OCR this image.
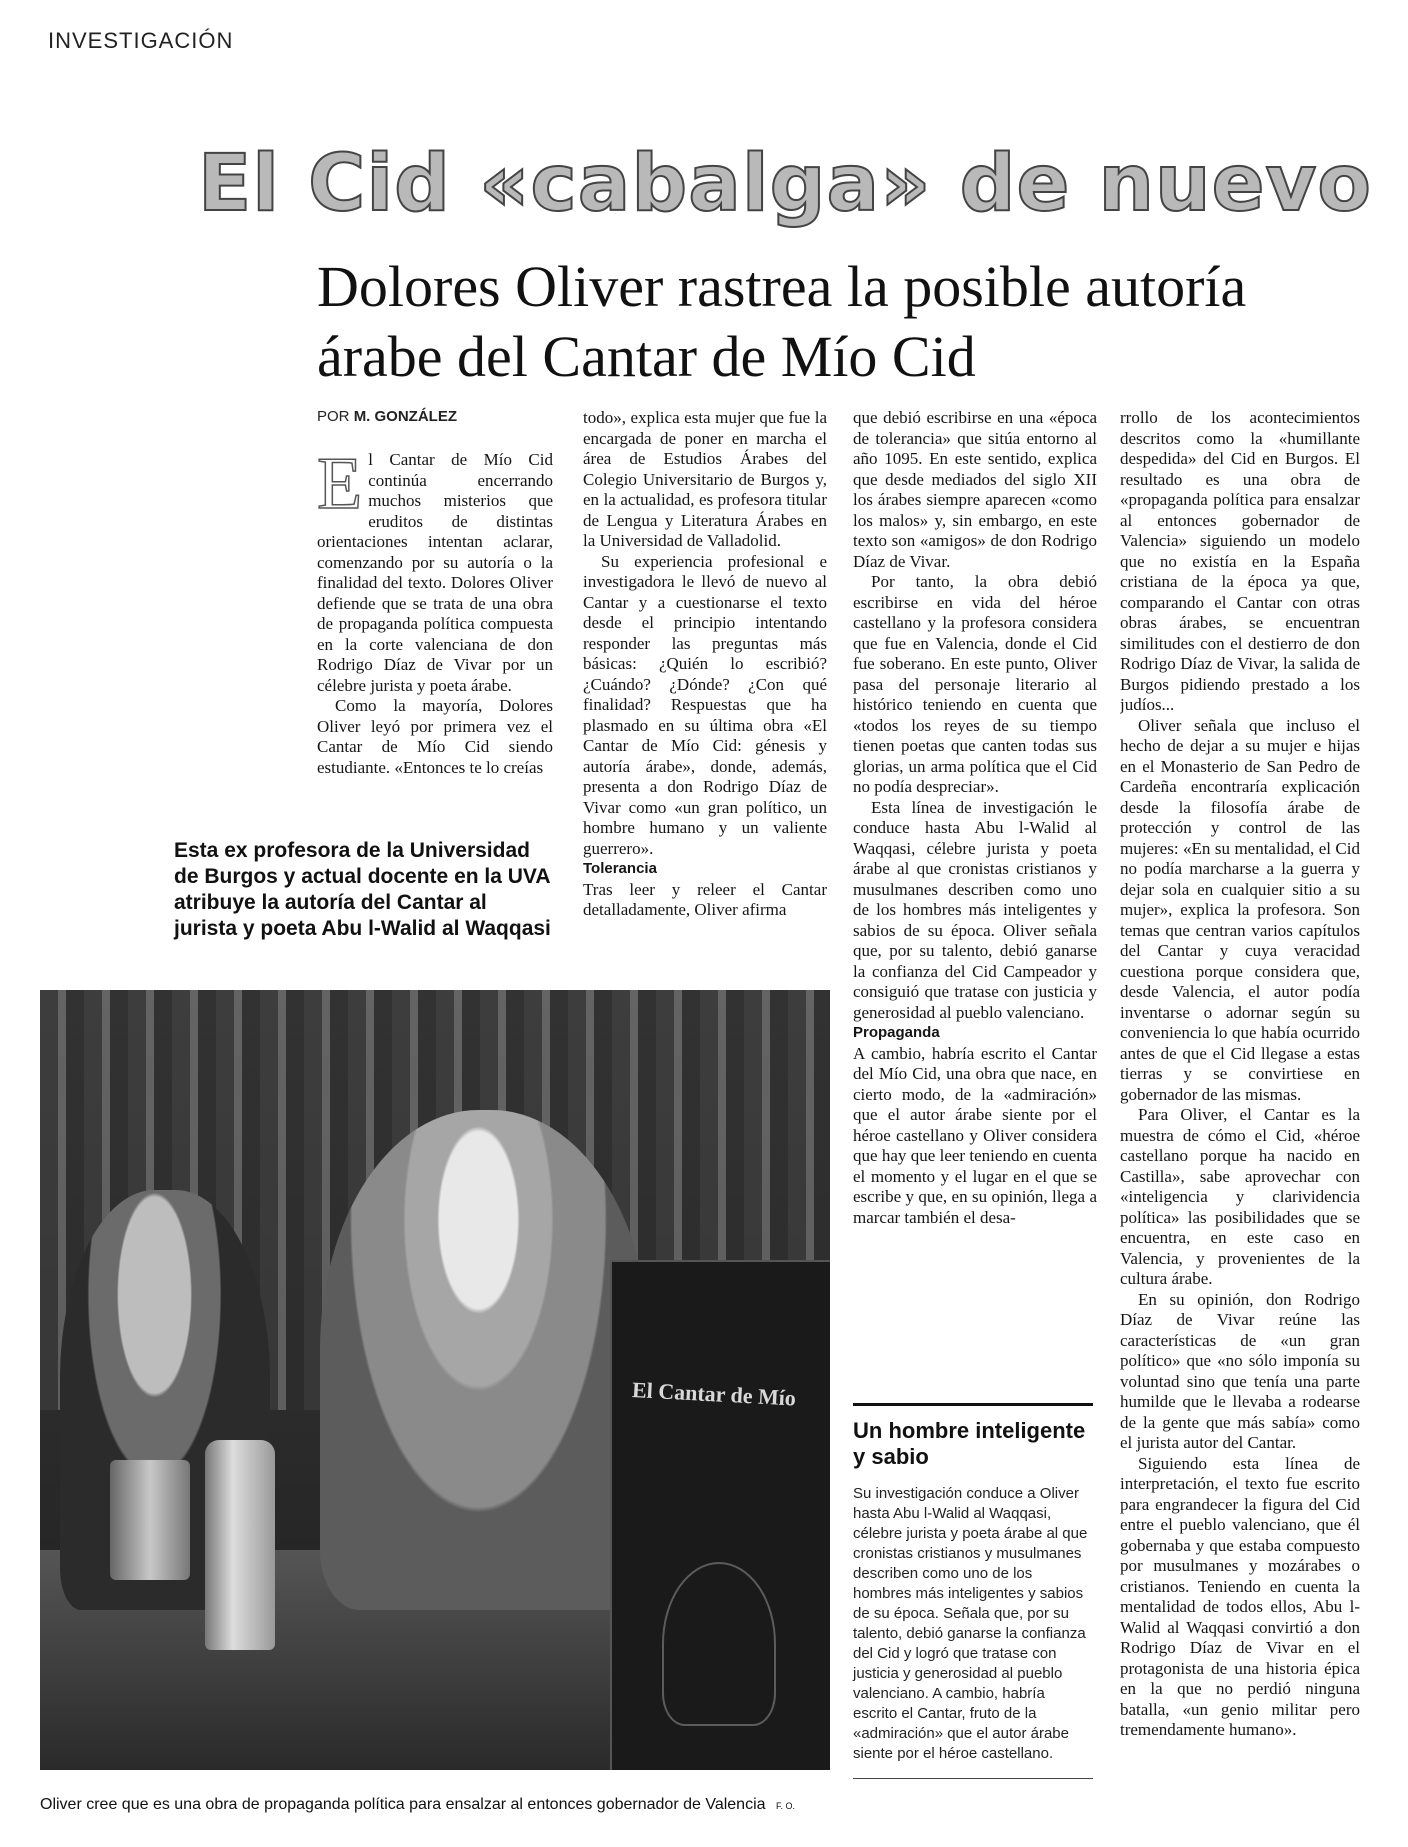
INVESTIGACIÓN
El Cid «cabalga» de nuevo
Dolores Oliver rastrea la posible autoría árabe del Cantar de Mío Cid
POR M. GONZÁLEZ
E l Cantar de Mío Cid continúa encerrando muchos misterios que eruditos de distintas orientaciones intentan aclarar, comenzando por su autoría o la finalidad del texto. Dolores Oliver defiende que se trata de una obra de propaganda política compuesta en la corte valenciana de don Rodrigo Díaz de Vivar por un célebre jurista y poeta árabe.

Como la mayoría, Dolores Oliver leyó por primera vez el Cantar de Mío Cid siendo estudiante. «Entonces te lo creías

Esta ex profesora de la Universidad de Burgos y actual docente en la UVA atribuye la autoría del Cantar al jurista y poeta Abu l-Walid al Waqqasi

todo», explica esta mujer que fue la encargada de poner en marcha el área de Estudios Árabes del Colegio Universitario de Burgos y, en la actualidad, es profesora titular de Lengua y Literatura Árabes en la Universidad de Valladolid.

Su experiencia profesional e investigadora le llevó de nuevo al Cantar y a cuestionarse el texto desde el principio intentando responder las preguntas más básicas: ¿Quién lo escribió? ¿Cuándo? ¿Dónde? ¿Con qué finalidad? Respuestas que ha plasmado en su última obra «El Cantar de Mío Cid: génesis y autoría árabe», donde, además, presenta a don Rodrigo Díaz de Vivar como «un gran político, un hombre humano y un valiente guerrero».

Tolerancia

Tras leer y releer el Cantar detalladamente, Oliver afirma

que debió escribirse en una «época de tolerancia» que sitúa entorno al año 1095. En este sentido, explica que desde mediados del siglo XII los árabes siempre aparecen «como los malos» y, sin embargo, en este texto son «amigos» de don Rodrigo Díaz de Vivar.

Por tanto, la obra debió escribirse en vida del héroe castellano y la profesora considera que fue en Valencia, donde el Cid fue soberano. En este punto, Oliver pasa del personaje literario al histórico teniendo en cuenta que «todos los reyes de su tiempo tienen poetas que canten todas sus glorias, un arma política que el Cid no podía despreciar».

Esta línea de investigación le conduce hasta Abu l-Walid al Waqqasi, célebre jurista y poeta árabe al que cronistas cristianos y musulmanes describen como uno de los hombres más inteligentes y sabios de su época. Oliver señala que, por su talento, debió ganarse la confianza del Cid Campeador y consiguió que tratase con justicia y generosidad al pueblo valenciano.

Propaganda

A cambio, habría escrito el Cantar del Mío Cid, una obra que nace, en cierto modo, de la «admiración» que el autor árabe siente por el héroe castellano y Oliver considera que hay que leer teniendo en cuenta el momento y el lugar en el que se escribe y que, en su opinión, llega a marcar también el desa-

rrollo de los acontecimientos descritos como la «humillante despedida» del Cid en Burgos. El resultado es una obra de «propaganda política para ensalzar al entonces gobernador de Valencia» siguiendo un modelo que no existía en la España cristiana de la época ya que, comparando el Cantar con otras obras árabes, se encuentran similitudes con el destierro de don Rodrigo Díaz de Vivar, la salida de Burgos pidiendo prestado a los judíos...

Oliver señala que incluso el hecho de dejar a su mujer e hijas en el Monasterio de San Pedro de Cardeña encontraría explicación desde la filosofía árabe de protección y control de las mujeres: «En su mentalidad, el Cid no podía marcharse a la guerra y dejar sola en cualquier sitio a su mujer», explica la profesora. Son temas que centran varios capítulos del Cantar y cuya veracidad cuestiona porque considera que, desde Valencia, el autor podía inventarse o adornar según su conveniencia lo que había ocurrido antes de que el Cid llegase a estas tierras y se convirtiese en gobernador de las mismas.

Para Oliver, el Cantar es la muestra de cómo el Cid, «héroe castellano porque ha nacido en Castilla», sabe aprovechar con «inteligencia y clarividencia política» las posibilidades que se encuentra, en este caso en Valencia, y provenientes de la cultura árabe.

En su opinión, don Rodrigo Díaz de Vivar reúne las características de «un gran político» que «no sólo imponía su voluntad sino que tenía una parte humilde que le llevaba a rodearse de la gente que más sabía» como el jurista autor del Cantar.

Siguiendo esta línea de interpretación, el texto fue escrito para engrandecer la figura del Cid entre el pueblo valenciano, que él gobernaba y que estaba compuesto por musulmanes y mozárabes o cristianos. Teniendo en cuenta la mentalidad de todos ellos, Abu l-Walid al Waqqasi convirtió a don Rodrigo Díaz de Vivar en el protagonista de una historia épica en la que no perdió ninguna batalla, «un genio militar pero tremendamente humano».

El Cantar de Mío
Oliver cree que es una obra de propaganda política para ensalzar al entonces gobernador de Valencia F. O.
Un hombre inteligente y sabio

Su investigación conduce a Oliver hasta Abu l-Walid al Waqqasi, célebre jurista y poeta árabe al que cronistas cristianos y musulmanes describen como uno de los hombres más inteligentes y sabios de su época. Señala que, por su talento, debió ganarse la confianza del Cid y logró que tratase con justicia y generosidad al pueblo valenciano. A cambio, habría escrito el Cantar, fruto de la «admiración» que el autor árabe siente por el héroe castellano.
